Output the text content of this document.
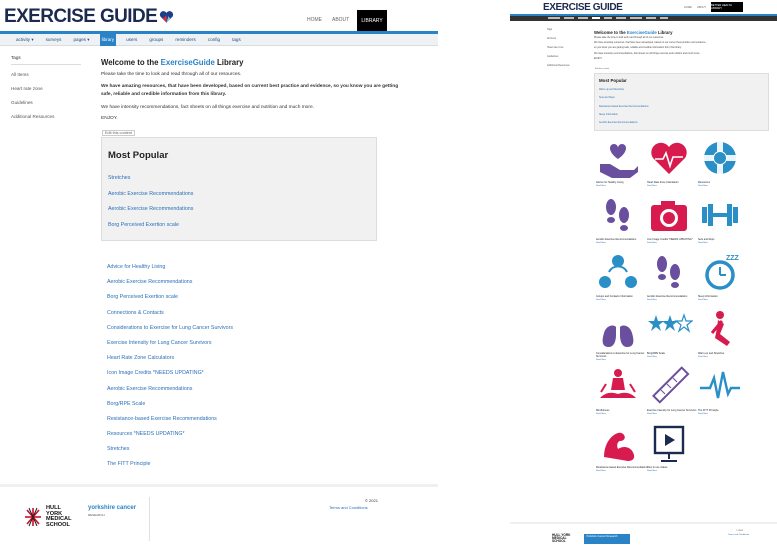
EXERCISE GUIDE	HOME ABOUT	LIBRARY
activity ▾	surveys	pages ▾	library	users	groups	reminders	config	tags
Tags
All Items
Heart rate zone
Guidelines
Additional Resources
Welcome to the ExerciseGuide Library
Please take the time to look and read through all of our resources.
We have amazing resources, that have been developed, based on current best practice and evidence, so you know you are getting safe, reliable and credible information from this library.
We have intensity recommendations, fact sheets on all things exercise and nutrition and much more.
ENJOY.
Edit this content
Most Popular
Stretches
Aerobic Exercise Recommendations
Aerobic Exercise Recommendations
Borg Perceived Exertion scale
Advice for Healthy Living
Aerobic Exercise Recommendations
Borg Perceived Exertion scale
Connections & Contacts
Considerations to Exercise for Lung Cancer Survivors
Exercise Intensity for Lung Cancer Survivors
Heart Rate Zone Calculators
Icon Image Credits *NEEDS UPDATING*
Aerobic Exercise Recommendations
Borg/RPE Scale
Resistance-based Exercise Recommendations
Resources *NEEDS UPDATING*
Stretches
The FITT Principle
HULL
YORK
MEDICAL
SCHOOL
yorkshire cancer
RESEARCH
© 2021
Terms and Conditions
EXERCISE GUIDE	HOME ABOUT
BETTER HEALTH LIBRARY
Tags
All Items
Heart rate zone
Guidelines
Additional Resources
Welcome to the ExerciseGuide Library
Please take the time to look and read through all of our resources.
We have amazing resources, that have been developed, based on our current best practice and evidence,
so you know you are getting safe, reliable and credible information from this library.
We have intensity recommendations, fact sheets on all things exercise and nutrition and much more.
ENJOY.
Edit this content
Most Popular
Warm-up and Stretches
Sets and Reps
Resistance-based Exercise Recommendations
Sleep Information
Aerobic Exercise Recommendations
Advice for Healthy Living
Read More
Heart Rate Zone Calculators
Read More
Resources
Read More
Aerobic Exercise Recommendations
Read More
Icon Image Credits *NEEDS UPDATING*
Read More
Sets and Reps
Read More
Groups and Contacts Information
Read More
Aerobic Exercise Recommendations
Read More
ZZZ
Sleep Information
Read More
Considerations to Exercise for Lung Cancer Survivors
Read More
Borg/RPE Scale
Read More
Warm-up and Stretches
Read More
Mindfulness
Read More
Exercise Intensity for Lung Cancer Survivors
Read More
The FITT Principle
Read More
Resistance-based Exercise Recommendations
Read More
How to use videos
Read More
HULL YORK MEDICAL SCHOOL
Yorkshire Cancer Research
© 2021
Terms and Conditions
